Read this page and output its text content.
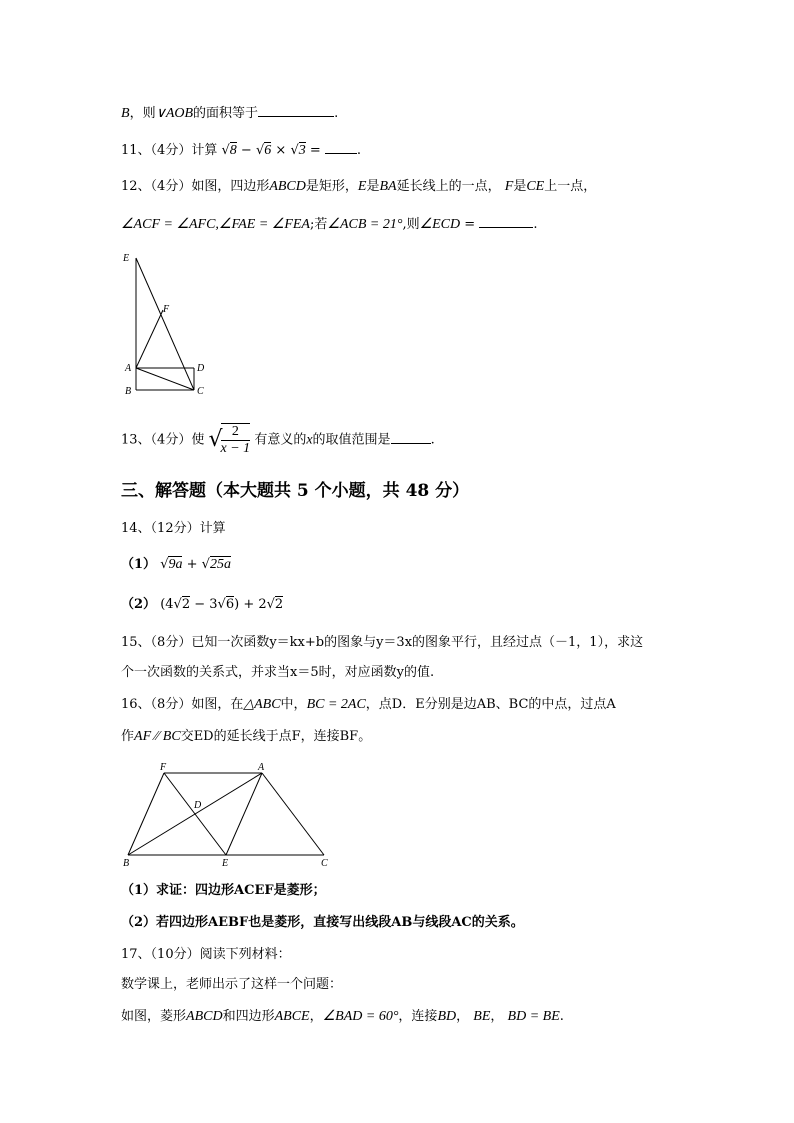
B，则∨AOB的面积等于	.
11、（4分）计算 √8 − √6 × √3 =	.
12、（4分）如图，四边形ABCD是矩形，E是BA延长线上的一点， F是CE上一点，
∠ACF = ∠AFC,∠FAE = ∠FEA;若∠ACB = 21°,则∠ECD =	.
E
F
A	D
B	C
13、（4分）使 √
$\frac{2}{x - 1}$ 有意义的x的取值范围是	.
三、解答题（本大题共 5 个小题，共 48 分）
14、（12分）计算
（1） √9a + √25a
（2） (4√2 − 3√6) + 2√2
15、（8分）已知一次函数y＝kx+b的图象与y＝3x的图象平行，且经过点（－1，1），求这
个一次函数的关系式，并求当x＝5时，对应函数y的值.
16、（8分）如图，在△ABC中，BC = 2AC，点D．E分别是边AB、BC的中点，过点A
作AF ⁄⁄ BC交ED的延长线于点F，连接BF。
F	A
D
B	E	C
（1）求证：四边形ACEF是菱形；
（2）若四边形AEBF也是菱形，直接写出线段AB与线段AC的关系。
17、（10分）阅读下列材料：
数学课上，老师出示了这样一个问题：
如图，菱形ABCD和四边形ABCE，∠BAD = 60°，连接BD， BE， BD = BE.
